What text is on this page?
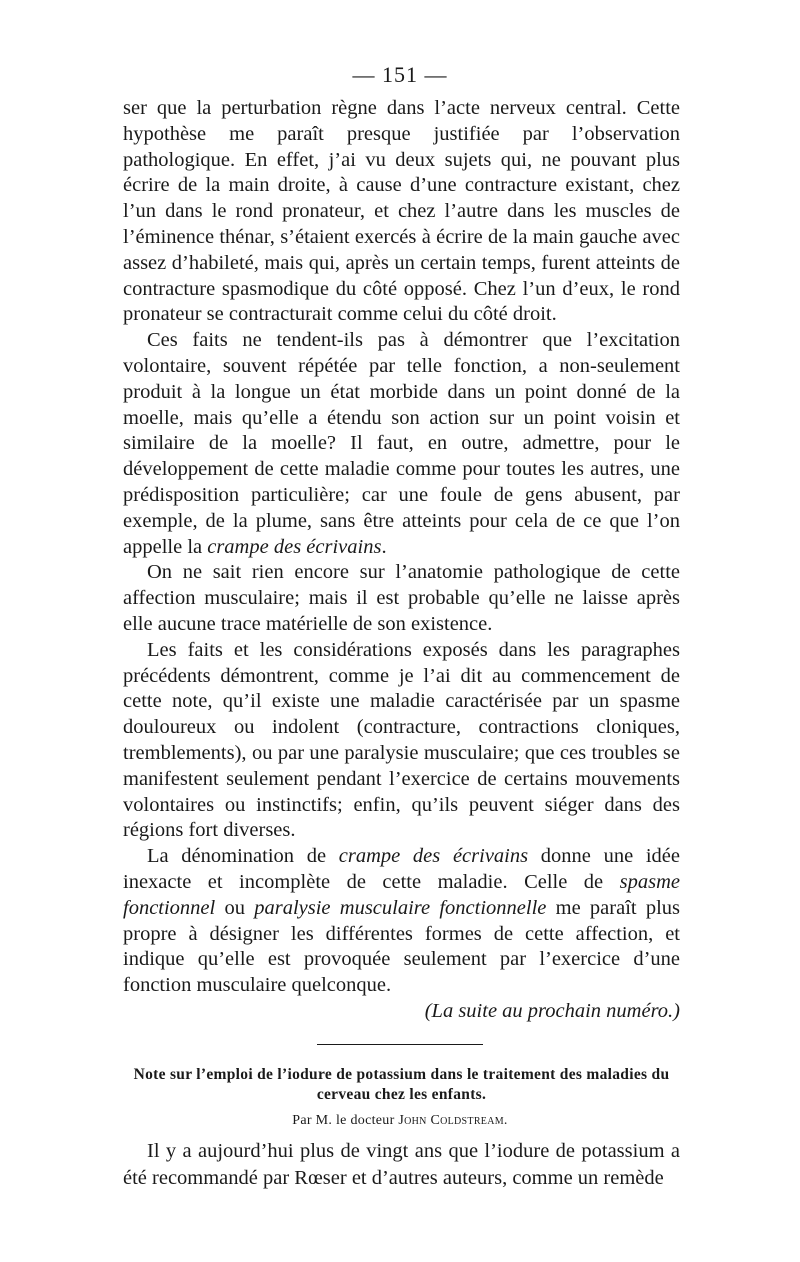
— 151 —

ser que la perturbation règne dans l’acte nerveux central. Cette hypothèse me paraît presque justifiée par l’observation pathologique. En effet, j’ai vu deux sujets qui, ne pouvant plus écrire de la main droite, à cause d’une contracture existant, chez l’un dans le rond pronateur, et chez l’autre dans les muscles de l’éminence thénar, s’étaient exercés à écrire de la main gauche avec assez d’habileté, mais qui, après un certain temps, furent atteints de contracture spasmodique du côté opposé. Chez l’un d’eux, le rond pronateur se contracturait comme celui du côté droit.

Ces faits ne tendent-ils pas à démontrer que l’excitation volontaire, souvent répétée par telle fonction, a non-seulement produit à la longue un état morbide dans un point donné de la moelle, mais qu’elle a étendu son action sur un point voisin et similaire de la moelle? Il faut, en outre, admettre, pour le développement de cette maladie comme pour toutes les autres, une prédisposition particulière; car une foule de gens abusent, par exemple, de la plume, sans être atteints pour cela de ce que l’on appelle la crampe des écrivains.

On ne sait rien encore sur l’anatomie pathologique de cette affection musculaire; mais il est probable qu’elle ne laisse après elle aucune trace matérielle de son existence.

Les faits et les considérations exposés dans les paragraphes précédents démontrent, comme je l’ai dit au commencement de cette note, qu’il existe une maladie caractérisée par un spasme douloureux ou indolent (contracture, contractions cloniques, tremblements), ou par une paralysie musculaire; que ces troubles se manifestent seulement pendant l’exercice de certains mouvements volontaires ou instinctifs; enfin, qu’ils peuvent siéger dans des régions fort diverses.

La dénomination de crampe des écrivains donne une idée inexacte et incomplète de cette maladie. Celle de spasme fonctionnel ou paralysie musculaire fonctionnelle me paraît plus propre à désigner les différentes formes de cette affection, et indique qu’elle est provoquée seulement par l’exercice d’une fonction musculaire quelconque.

(La suite au prochain numéro.)

Note sur l’emploi de l’iodure de potassium dans le traitement des maladies du cerveau chez les enfants.
Par M. le docteur John Coldstream.

Il y a aujourd’hui plus de vingt ans que l’iodure de potassium a été recommandé par Rœser et d’autres auteurs, comme un remède
